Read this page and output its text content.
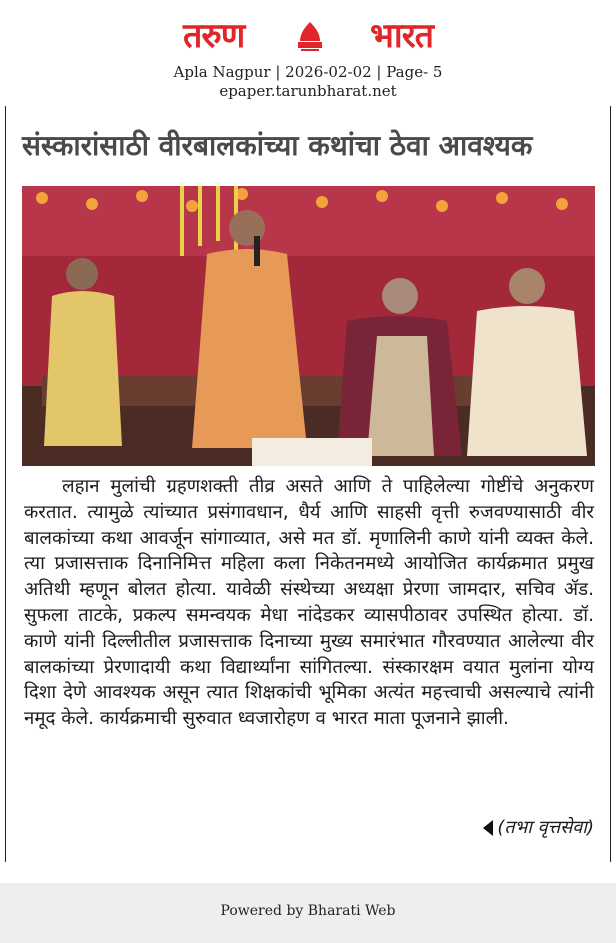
तरुण	भारत
Apla Nagpur | 2026-02-02 | Page- 5
epaper.tarunbharat.net
संस्कारांसाठी वीरबालकांच्या कथांचा ठेवा आवश्यक

लहान मुलांची ग्रहणशक्ती तीव्र असते आणि ते पाहिलेल्या गोष्टींचे अनुकरण करतात. त्यामुळे त्यांच्यात प्रसंगावधान, धैर्य आणि साहसी वृत्ती रुजवण्यासाठी वीर बालकांच्या कथा आवर्जून सांगाव्यात, असे मत डॉ. मृणालिनी काणे यांनी व्यक्त केले. त्या प्रजासत्ताक दिनानिमित्त महिला कला निकेतनमध्ये आयोजित कार्यक्रमात प्रमुख अतिथी म्हणून बोलत होत्या. यावेळी संस्थेच्या अध्यक्षा प्रेरणा जामदार, सचिव ॲड. सुफला ताटके, प्रकल्प समन्वयक मेधा नांदेडकर व्यासपीठावर उपस्थित होत्या. डॉ. काणे यांनी दिल्लीतील प्रजासत्ताक दिनाच्या मुख्य समारंभात गौरवण्यात आलेल्या वीर बालकांच्या प्रेरणादायी कथा विद्यार्थ्यांना सांगितल्या. संस्कारक्षम वयात मुलांना योग्य दिशा देणे आवश्यक असून त्यात शिक्षकांची भूमिका अत्यंत महत्त्वाची असल्याचे त्यांनी नमूद केले. कार्यक्रमाची सुरुवात ध्वजारोहण व भारत माता पूजनाने झाली.

(तभा वृत्तसेवा)
Powered by Bharati Web
